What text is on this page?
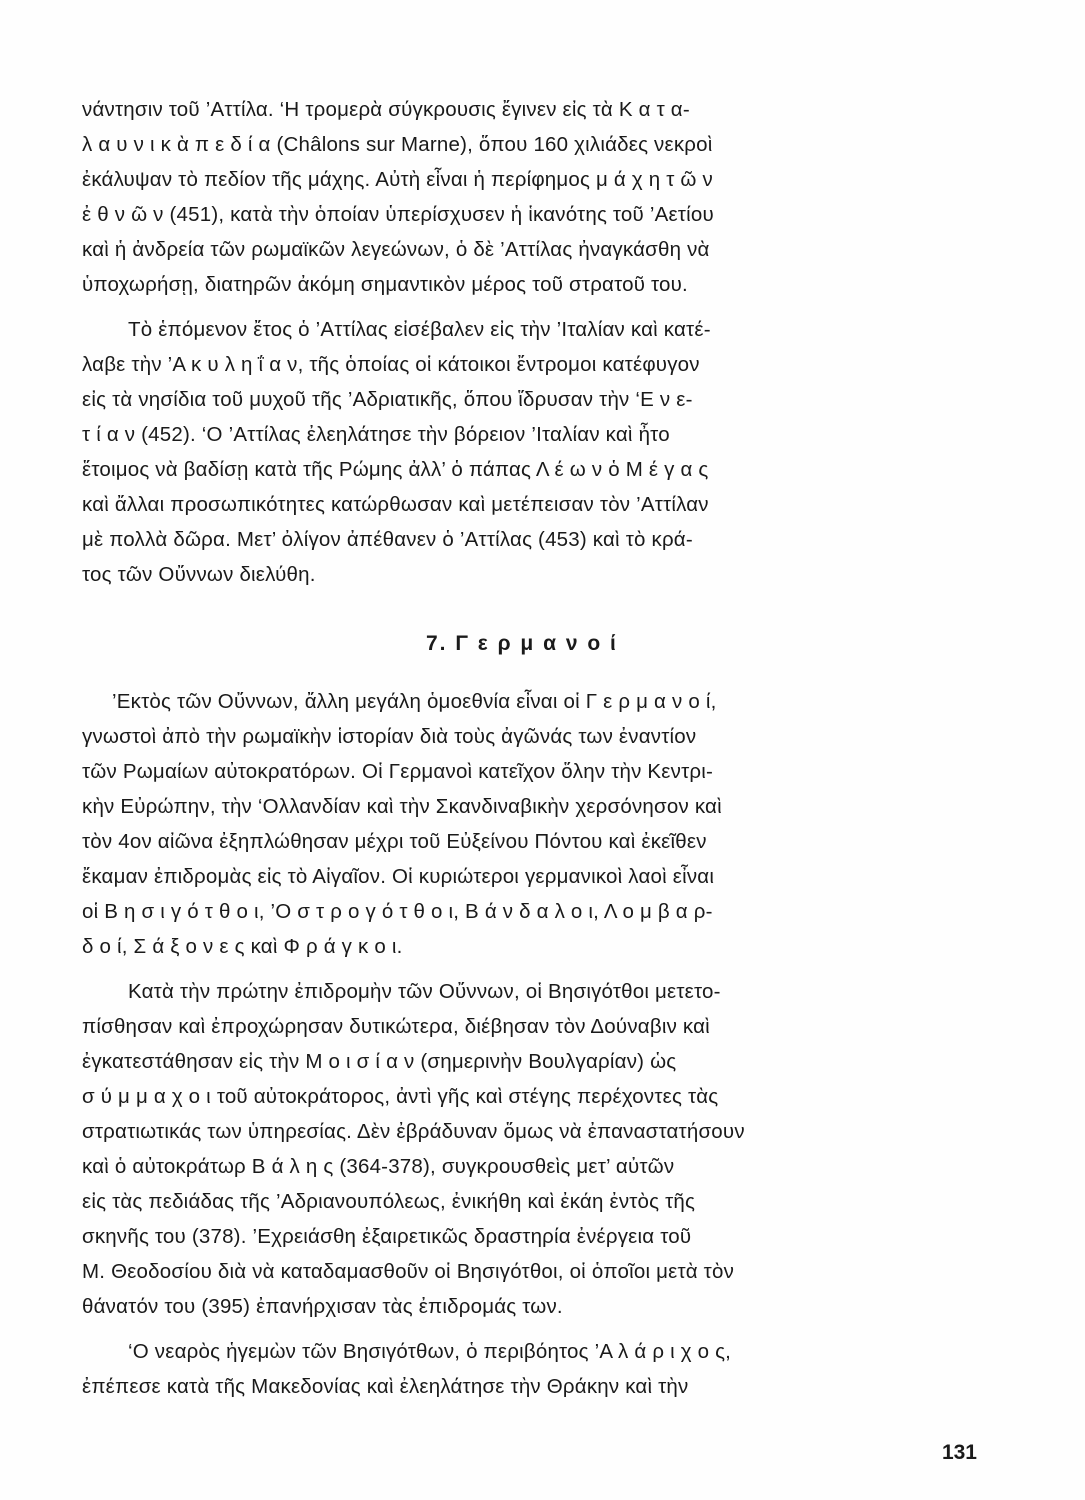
νάντησιν τοῦ ’Αττίλα. ‘Η τρομερὰ σύγκρουσις ἔγινεν εἰς τὰ Κ α τ α-
λ α υ ν ι κ ὰ π ε δ ί α (Châlons sur Marne), ὅπου 160 χιλιάδες νεκροὶ
ἐκάλυψαν τὸ πεδίον τῆς μάχης. Αὐτὴ εἶναι ἡ περίφημος μ ά χ η τ ῶ ν
ἐ θ ν ῶ ν (451), κατὰ τὴν ὁποίαν ὑπερίσχυσεν ἡ ἱκανότης τοῦ ’Αετίου
καὶ ἡ ἀνδρεία τῶν ρωμαϊκῶν λεγεώνων, ὁ δὲ ’Αττίλας ἠναγκάσθη νὰ
ὑποχωρήσῃ, διατηρῶν ἀκόμη σημαντικὸν μέρος τοῦ στρατοῦ του.
Τὸ ἑπόμενον ἔτος ὁ ’Αττίλας εἰσέβαλεν εἰς τὴν ’Ιταλίαν καὶ κατέ-
λαβε τὴν ’Α κ υ λ η ΐ α ν, τῆς ὁποίας οἱ κάτοικοι ἔντρομοι κατέφυγον
εἰς τὰ νησίδια τοῦ μυχοῦ τῆς ’Αδριατικῆς, ὅπου ἵδρυσαν τὴν ‘Ε ν ε-
τ ί α ν (452). ‘Ο ’Αττίλας ἐλεηλάτησε τὴν βόρειον ’Ιταλίαν καὶ ἦτο
ἕτοιμος νὰ βαδίσῃ κατὰ τῆς Ρώμης ἀλλ’ ὁ πάπας Λ έ ω ν ὁ Μ έ γ α ς
καὶ ἄλλαι προσωπικότητες κατώρθωσαν καὶ μετέπεισαν τὸν ’Αττίλαν
μὲ πολλὰ δῶρα. Μετ’ ὀλίγον ἀπέθανεν ὁ ’Αττίλας (453) καὶ τὸ κρά-
τος τῶν Οὔννων διελύθη.
’Εκτὸς τῶν Οὔννων, ἄλλη μεγάλη ὁμοεθνία εἶναι οἱ Γ ε ρ μ α ν ο ί,
γνωστοὶ ἀπὸ τὴν ρωμαϊκὴν ἱστορίαν διὰ τοὺς ἀγῶνάς των ἐναντίον
τῶν Ρωμαίων αὐτοκρατόρων. Οἱ Γερμανοὶ κατεῖχον ὅλην τὴν Κεντρι-
κὴν Εὐρώπην, τὴν ‘Ολλανδίαν καὶ τὴν Σκανδιναβικὴν χερσόνησον καὶ
τὸν 4ον αἰῶνα ἐξηπλώθησαν μέχρι τοῦ Εὐξείνου Πόντου καὶ ἐκεῖθεν
ἔκαμαν ἐπιδρομὰς εἰς τὸ Αἰγαῖον. Οἱ κυριώτεροι γερμανικοὶ λαοὶ εἶναι
οἱ Β η σ ι γ ό τ θ ο ι, ’Ο σ τ ρ ο γ ό τ θ ο ι, Β ά ν δ α λ ο ι, Λ ο μ β α ρ-
δ ο ί, Σ ά ξ ο ν ε ς καὶ Φ ρ ά γ κ ο ι.
Κατὰ τὴν πρώτην ἐπιδρομὴν τῶν Οὔννων, οἱ Βησιγότθοι μετετο-
πίσθησαν καὶ ἐπροχώρησαν δυτικώτερα, διέβησαν τὸν Δούναβιν καὶ
ἐγκατεστάθησαν εἰς τὴν Μ ο ι σ ί α ν (σημερινὴν Βουλγαρίαν) ὡς
σ ύ μ μ α χ ο ι τοῦ αὐτοκράτορος, ἀντὶ γῆς καὶ στέγης περέχοντες τὰς
στρατιωτικάς των ὑπηρεσίας. Δὲν ἐβράδυναν ὅμως νὰ ἐπαναστατήσουν
καὶ ὁ αὐτοκράτωρ Β ά λ η ς (364-378), συγκρουσθεὶς μετ’ αὐτῶν
εἰς τὰς πεδιάδας τῆς ’Αδριανουπόλεως, ἐνικήθη καὶ ἐκάη ἐντὸς τῆς
σκηνῆς του (378). ’Εχρειάσθη ἐξαιρετικῶς δραστηρία ἐνέργεια τοῦ
Μ. Θεοδοσίου διὰ νὰ καταδαμασθοῦν οἱ Βησιγότθοι, οἱ ὁποῖοι μετὰ τὸν
θάνατόν του (395) ἐπανήρχισαν τὰς ἐπιδρομάς των.
‘Ο νεαρὸς ἡγεμὼν τῶν Βησιγότθων, ὁ περιβόητος ’Α λ ά ρ ι χ ο ς,
ἐπέπεσε κατὰ τῆς Μακεδονίας καὶ ἐλεηλάτησε τὴν Θράκην καὶ τὴν
7. Γ ε ρ μ α ν ο ί
131
